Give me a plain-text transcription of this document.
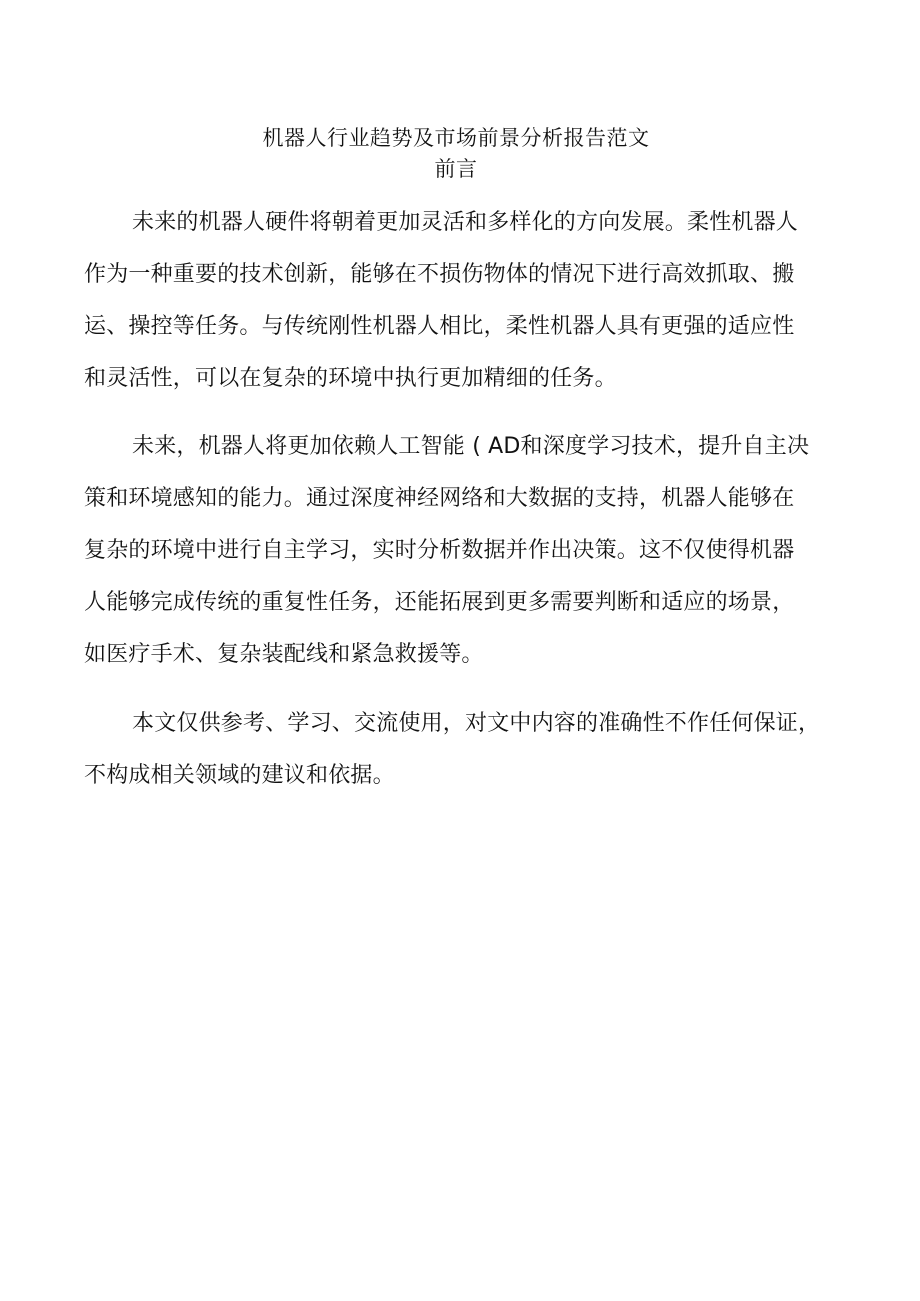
机器人行业趋势及市场前景分析报告范文
前言
未来的机器人硬件将朝着更加灵活和多样化的方向发展。柔性机器人
作为一种重要的技术创新，能够在不损伤物体的情况下进行高效抓取、搬
运、操控等任务。与传统刚性机器人相比，柔性机器人具有更强的适应性
和灵活性，可以在复杂的环境中执行更加精细的任务。
未来，机器人将更加依赖人工智能 ( AD和深度学习技术，提升自主决
策和环境感知的能力。通过深度神经网络和大数据的支持，机器人能够在
复杂的环境中进行自主学习，实时分析数据并作出决策。这不仅使得机器
人能够完成传统的重复性任务，还能拓展到更多需要判断和适应的场景，
如医疗手术、复杂装配线和紧急救援等。
本文仅供参考、学习、交流使用，对文中内容的准确性不作任何保证，
不构成相关领域的建议和依据。
